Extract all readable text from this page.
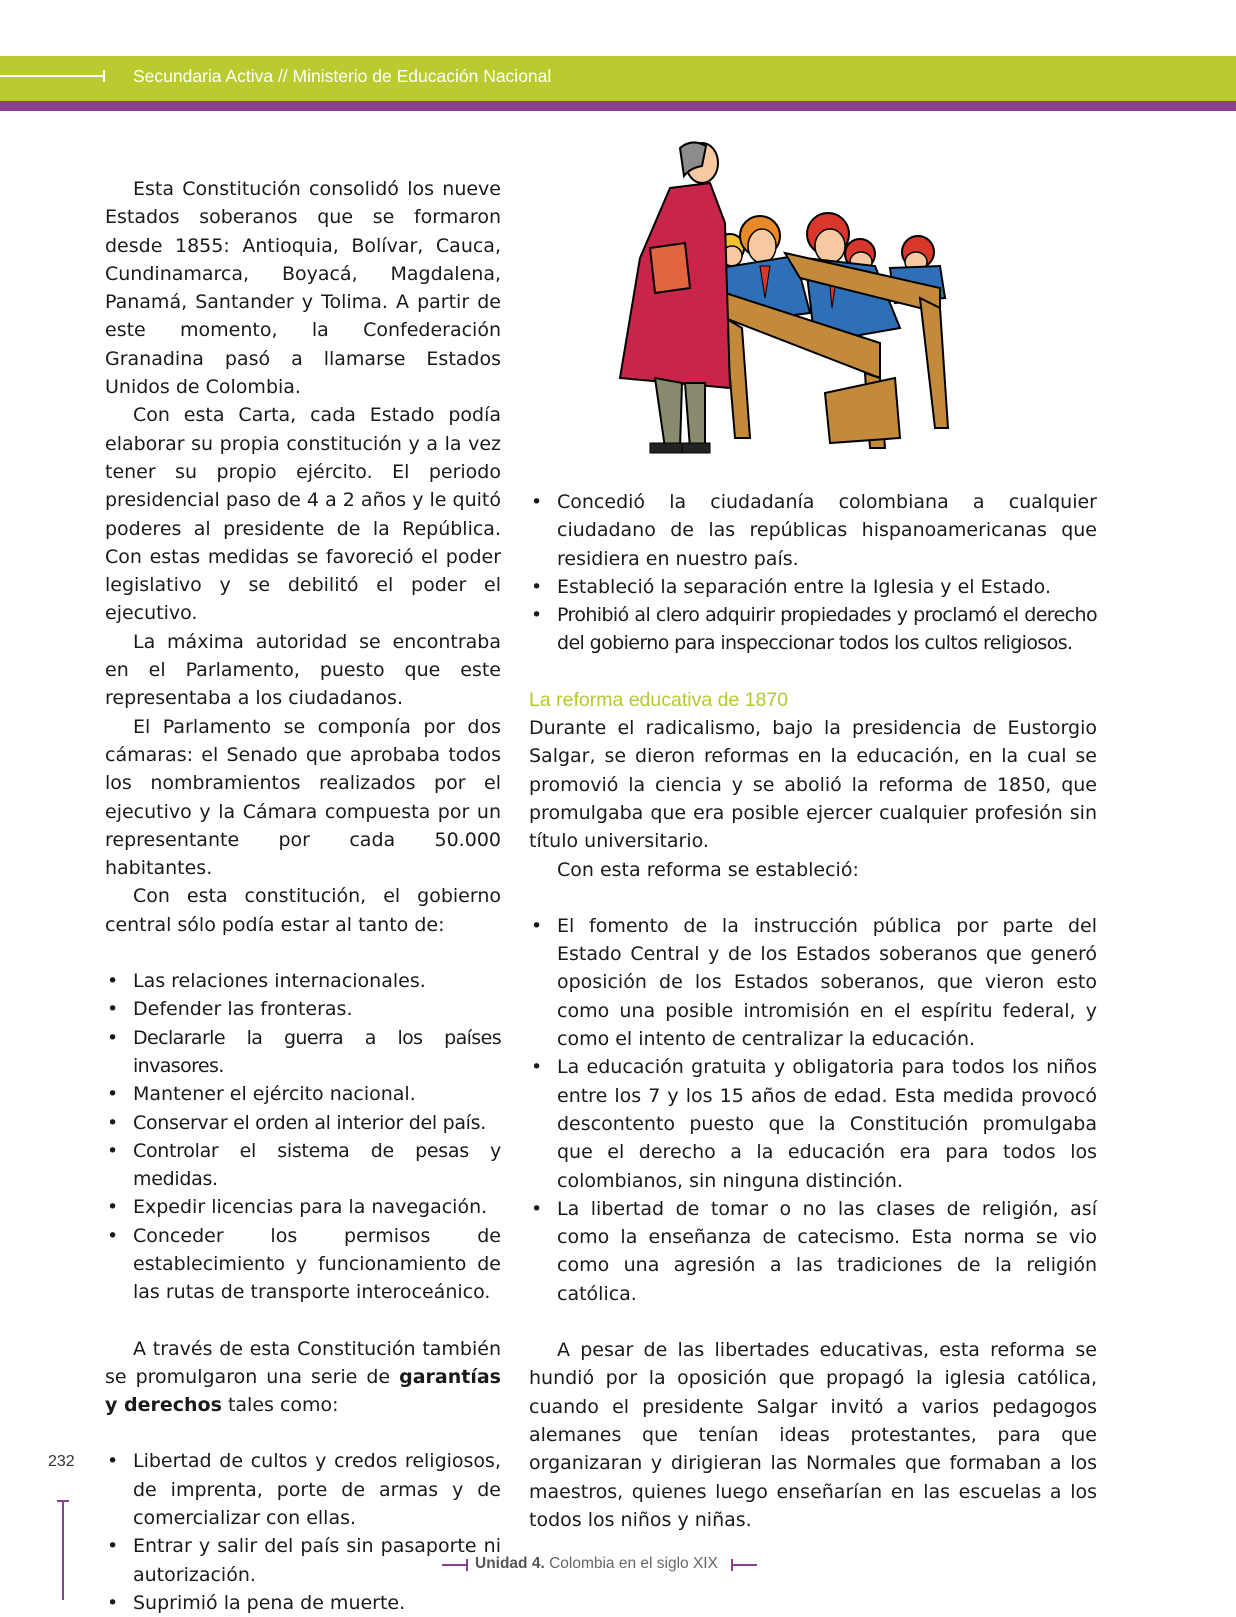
Secundaria Activa // Ministerio de Educación Nacional

Esta Constitución consolidó los nueve Estados soberanos que se formaron desde 1855: Antioquia, Bolívar, Cauca, Cundinamarca, Boyacá, Magdalena, Panamá, Santander y Tolima. A partir de este momento, la Confederación Granadina pasó a llamarse Estados Unidos de Colombia.

Con esta Carta, cada Estado podía elaborar su propia constitución y a la vez tener su propio ejército. El periodo presidencial paso de 4 a 2 años y le quitó poderes al presidente de la República. Con estas medidas se favoreció el poder legislativo y se debilitó el poder el ejecutivo.

La máxima autoridad se encontraba en el Parlamento, puesto que este representaba a los ciudadanos.

El Parlamento se componía por dos cámaras: el Senado que aprobaba todos los nombramientos realizados por el ejecutivo y la Cámara compuesta por un representante por cada 50.000 habitantes.

Con esta constitución, el gobierno central sólo podía estar al tanto de:

• Las relaciones internacionales.
• Defender las fronteras.
• Declararle la guerra a los países invasores.
• Mantener el ejército nacional.
• Conservar el orden al interior del país.
• Controlar el sistema de pesas y medidas.
• Expedir licencias para la navegación.
• Conceder los permisos de establecimiento y funcionamiento de las rutas de transporte interoceánico.

A través de esta Constitución también se promulgaron una serie de garantías y derechos tales como:

• Libertad de cultos y credos religiosos, de imprenta, porte de armas y de comercializar con ellas.
• Entrar y salir del país sin pasaporte ni autorización.
• Suprimió la pena de muerte.
• Concedió la ciudadanía colombiana a cualquier ciudadano de las repúblicas hispanoamericanas que residiera en nuestro país.
• Estableció la separación entre la Iglesia y el Estado.
• Prohibió al clero adquirir propiedades y proclamó el derecho del gobierno para inspeccionar todos los cultos religiosos.
La reforma educativa de 1870

Durante el radicalismo, bajo la presidencia de Eustorgio Salgar, se dieron reformas en la educación, en la cual se promovió la ciencia y se abolió la reforma de 1850, que promulgaba que era posible ejercer cualquier profesión sin título universitario.

Con esta reforma se estableció:

• El fomento de la instrucción pública por parte del Estado Central y de los Estados soberanos que generó oposición de los Estados soberanos, que vieron esto como una posible intromisión en el espíritu federal, y como el intento de centralizar la educación.
• La educación gratuita y obligatoria para todos los niños entre los 7 y los 15 años de edad. Esta medida provocó descontento puesto que la Constitución promulgaba que el derecho a la educación era para todos los colombianos, sin ninguna distinción.
• La libertad de tomar o no las clases de religión, así como la enseñanza de catecismo. Esta norma se vio como una agresión a las tradiciones de la religión católica.

A pesar de las libertades educativas, esta reforma se hundió por la oposición que propagó la iglesia católica, cuando el presidente Salgar invitó a varios pedagogos alemanes que tenían ideas protestantes, para que organizaran y dirigieran las Normales que formaban a los maestros, quienes luego enseñarían en las escuelas a los todos los niños y niñas.

232
Unidad 4. Colombia en el siglo XIX
